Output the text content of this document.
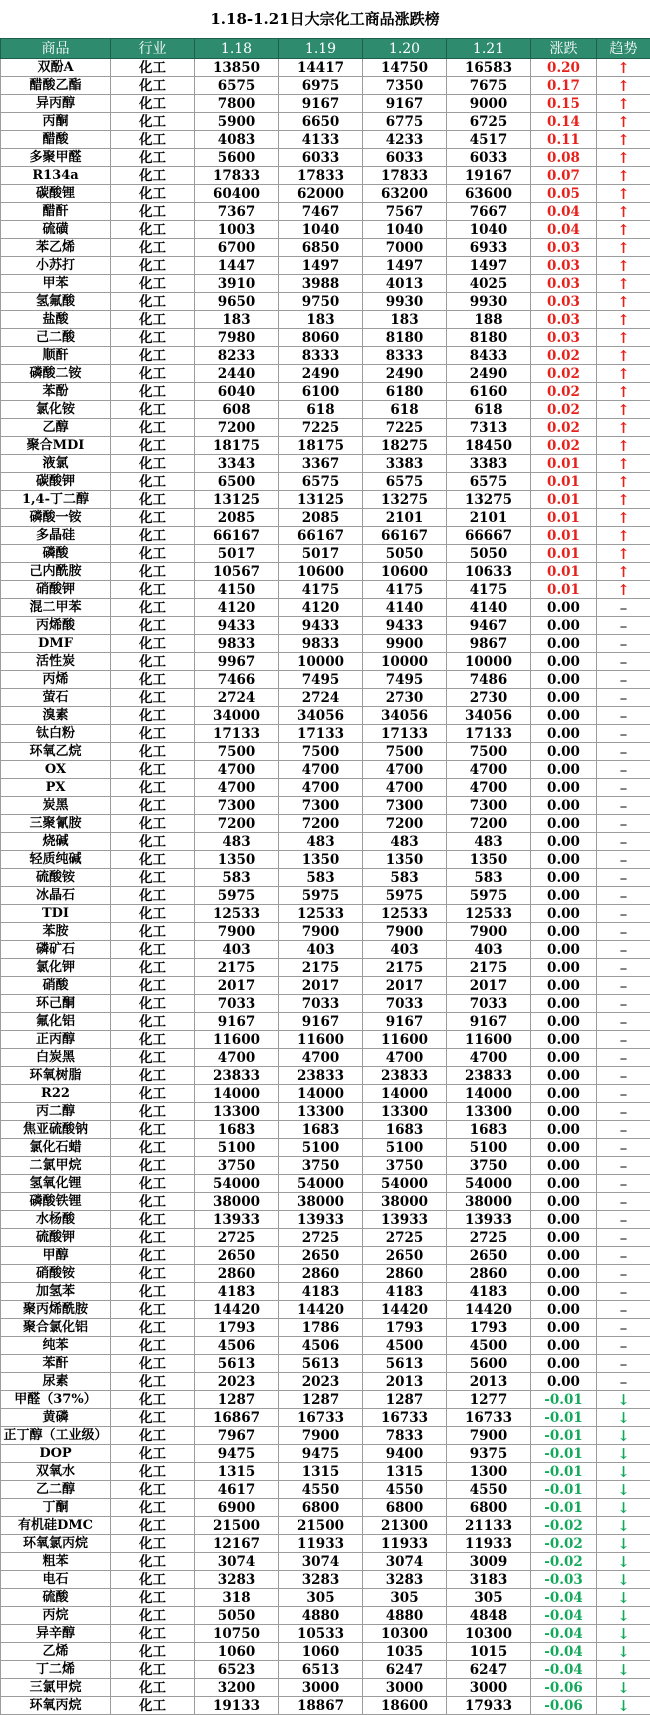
1.18-1.21日大宗化工商品涨跌榜
商品	行业	1.18	1.19	1.20	1.21	涨跌	趋势
双酚A	化工	13850	14417	14750	16583	0.20	↑
醋酸乙酯	化工	6575	6975	7350	7675	0.17	↑
异丙醇	化工	7800	9167	9167	9000	0.15	↑
丙酮	化工	5900	6650	6775	6725	0.14	↑
醋酸	化工	4083	4133	4233	4517	0.11	↑
多聚甲醛	化工	5600	6033	6033	6033	0.08	↑
R134a	化工	17833	17833	17833	19167	0.07	↑
碳酸锂	化工	60400	62000	63200	63600	0.05	↑
醋酐	化工	7367	7467	7567	7667	0.04	↑
硫磺	化工	1003	1040	1040	1040	0.04	↑
苯乙烯	化工	6700	6850	7000	6933	0.03	↑
小苏打	化工	1447	1497	1497	1497	0.03	↑
甲苯	化工	3910	3988	4013	4025	0.03	↑
氢氟酸	化工	9650	9750	9930	9930	0.03	↑
盐酸	化工	183	183	183	188	0.03	↑
己二酸	化工	7980	8060	8180	8180	0.03	↑
顺酐	化工	8233	8333	8333	8433	0.02	↑
磷酸二铵	化工	2440	2490	2490	2490	0.02	↑
苯酚	化工	6040	6100	6180	6160	0.02	↑
氯化铵	化工	608	618	618	618	0.02	↑
乙醇	化工	7200	7225	7225	7313	0.02	↑
聚合MDI	化工	18175	18175	18275	18450	0.02	↑
液氯	化工	3343	3367	3383	3383	0.01	↑
碳酸钾	化工	6500	6575	6575	6575	0.01	↑
1,4-丁二醇	化工	13125	13125	13275	13275	0.01	↑
磷酸一铵	化工	2085	2085	2101	2101	0.01	↑
多晶硅	化工	66167	66167	66167	66667	0.01	↑
磷酸	化工	5017	5017	5050	5050	0.01	↑
己内酰胺	化工	10567	10600	10600	10633	0.01	↑
硝酸钾	化工	4150	4175	4175	4175	0.01	↑
混二甲苯	化工	4120	4120	4140	4140	0.00	–
丙烯酸	化工	9433	9433	9433	9467	0.00	–
DMF	化工	9833	9833	9900	9867	0.00	–
活性炭	化工	9967	10000	10000	10000	0.00	–
丙烯	化工	7466	7495	7495	7486	0.00	–
萤石	化工	2724	2724	2730	2730	0.00	–
溴素	化工	34000	34056	34056	34056	0.00	–
钛白粉	化工	17133	17133	17133	17133	0.00	–
环氧乙烷	化工	7500	7500	7500	7500	0.00	–
OX	化工	4700	4700	4700	4700	0.00	–
PX	化工	4700	4700	4700	4700	0.00	–
炭黑	化工	7300	7300	7300	7300	0.00	–
三聚氰胺	化工	7200	7200	7200	7200	0.00	–
烧碱	化工	483	483	483	483	0.00	–
轻质纯碱	化工	1350	1350	1350	1350	0.00	–
硫酸铵	化工	583	583	583	583	0.00	–
冰晶石	化工	5975	5975	5975	5975	0.00	–
TDI	化工	12533	12533	12533	12533	0.00	–
苯胺	化工	7900	7900	7900	7900	0.00	–
磷矿石	化工	403	403	403	403	0.00	–
氯化钾	化工	2175	2175	2175	2175	0.00	–
硝酸	化工	2017	2017	2017	2017	0.00	–
环己酮	化工	7033	7033	7033	7033	0.00	–
氟化铝	化工	9167	9167	9167	9167	0.00	–
正丙醇	化工	11600	11600	11600	11600	0.00	–
白炭黑	化工	4700	4700	4700	4700	0.00	–
环氧树脂	化工	23833	23833	23833	23833	0.00	–
R22	化工	14000	14000	14000	14000	0.00	–
丙二醇	化工	13300	13300	13300	13300	0.00	–
焦亚硫酸钠	化工	1683	1683	1683	1683	0.00	–
氯化石蜡	化工	5100	5100	5100	5100	0.00	–
二氯甲烷	化工	3750	3750	3750	3750	0.00	–
氢氧化锂	化工	54000	54000	54000	54000	0.00	–
磷酸铁锂	化工	38000	38000	38000	38000	0.00	–
水杨酸	化工	13933	13933	13933	13933	0.00	–
硫酸钾	化工	2725	2725	2725	2725	0.00	–
甲醇	化工	2650	2650	2650	2650	0.00	–
硝酸铵	化工	2860	2860	2860	2860	0.00	–
加氢苯	化工	4183	4183	4183	4183	0.00	–
聚丙烯酰胺	化工	14420	14420	14420	14420	0.00	–
聚合氯化铝	化工	1793	1786	1793	1793	0.00	–
纯苯	化工	4506	4506	4500	4500	0.00	–
苯酐	化工	5613	5613	5613	5600	0.00	–
尿素	化工	2023	2023	2013	2013	0.00	–
甲醛（37%）	化工	1287	1287	1287	1277	-0.01	↓
黄磷	化工	16867	16733	16733	16733	-0.01	↓
正丁醇（工业级）	化工	7967	7900	7833	7900	-0.01	↓
DOP	化工	9475	9475	9400	9375	-0.01	↓
双氧水	化工	1315	1315	1315	1300	-0.01	↓
乙二醇	化工	4617	4550	4550	4550	-0.01	↓
丁酮	化工	6900	6800	6800	6800	-0.01	↓
有机硅DMC	化工	21500	21500	21300	21133	-0.02	↓
环氧氯丙烷	化工	12167	11933	11933	11933	-0.02	↓
粗苯	化工	3074	3074	3074	3009	-0.02	↓
电石	化工	3283	3283	3283	3183	-0.03	↓
硫酸	化工	318	305	305	305	-0.04	↓
丙烷	化工	5050	4880	4880	4848	-0.04	↓
异辛醇	化工	10750	10533	10300	10300	-0.04	↓
乙烯	化工	1060	1060	1035	1015	-0.04	↓
丁二烯	化工	6523	6513	6247	6247	-0.04	↓
三氯甲烷	化工	3200	3000	3000	3000	-0.06	↓
环氧丙烷	化工	19133	18867	18600	17933	-0.06	↓
